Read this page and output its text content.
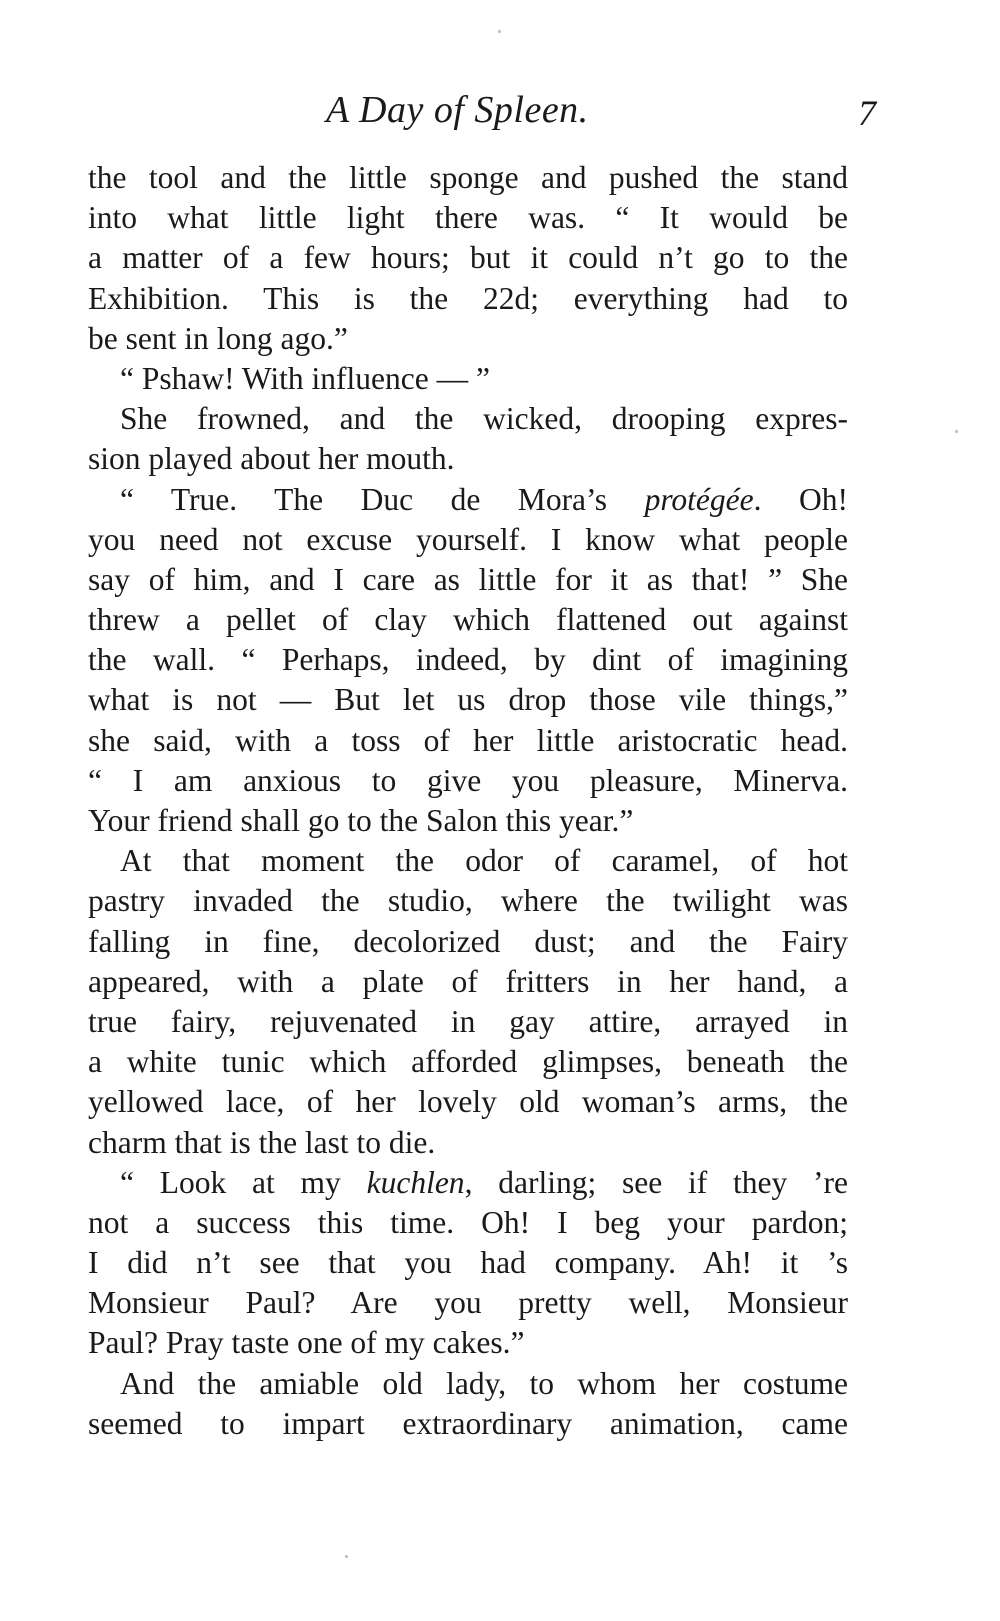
A Day of Spleen.	7
the tool and the little sponge and pushed the stand
into what little light there was. “ It would be
a matter of a few hours; but it could n’t go to the
Exhibition. This is the 22d; everything had to
be sent in long ago.”
“ Pshaw! With influence — ”
She frowned, and the wicked, drooping expres-
sion played about her mouth.
“ True. The Duc de Mora’s protégée. Oh!
you need not excuse yourself. I know what people
say of him, and I care as little for it as that! ” She
threw a pellet of clay which flattened out against
the wall. “ Perhaps, indeed, by dint of imagining
what is not — But let us drop those vile things,”
she said, with a toss of her little aristocratic head.
“ I am anxious to give you pleasure, Minerva.
Your friend shall go to the Salon this year.”
At that moment the odor of caramel, of hot
pastry invaded the studio, where the twilight was
falling in fine, decolorized dust; and the Fairy
appeared, with a plate of fritters in her hand, a
true fairy, rejuvenated in gay attire, arrayed in
a white tunic which afforded glimpses, beneath the
yellowed lace, of her lovely old woman’s arms, the
charm that is the last to die.
“ Look at my kuchlen, darling; see if they ’re
not a success this time. Oh! I beg your pardon;
I did n’t see that you had company. Ah! it ’s
Monsieur Paul? Are you pretty well, Monsieur
Paul? Pray taste one of my cakes.”
And the amiable old lady, to whom her costume
seemed to impart extraordinary animation, came
